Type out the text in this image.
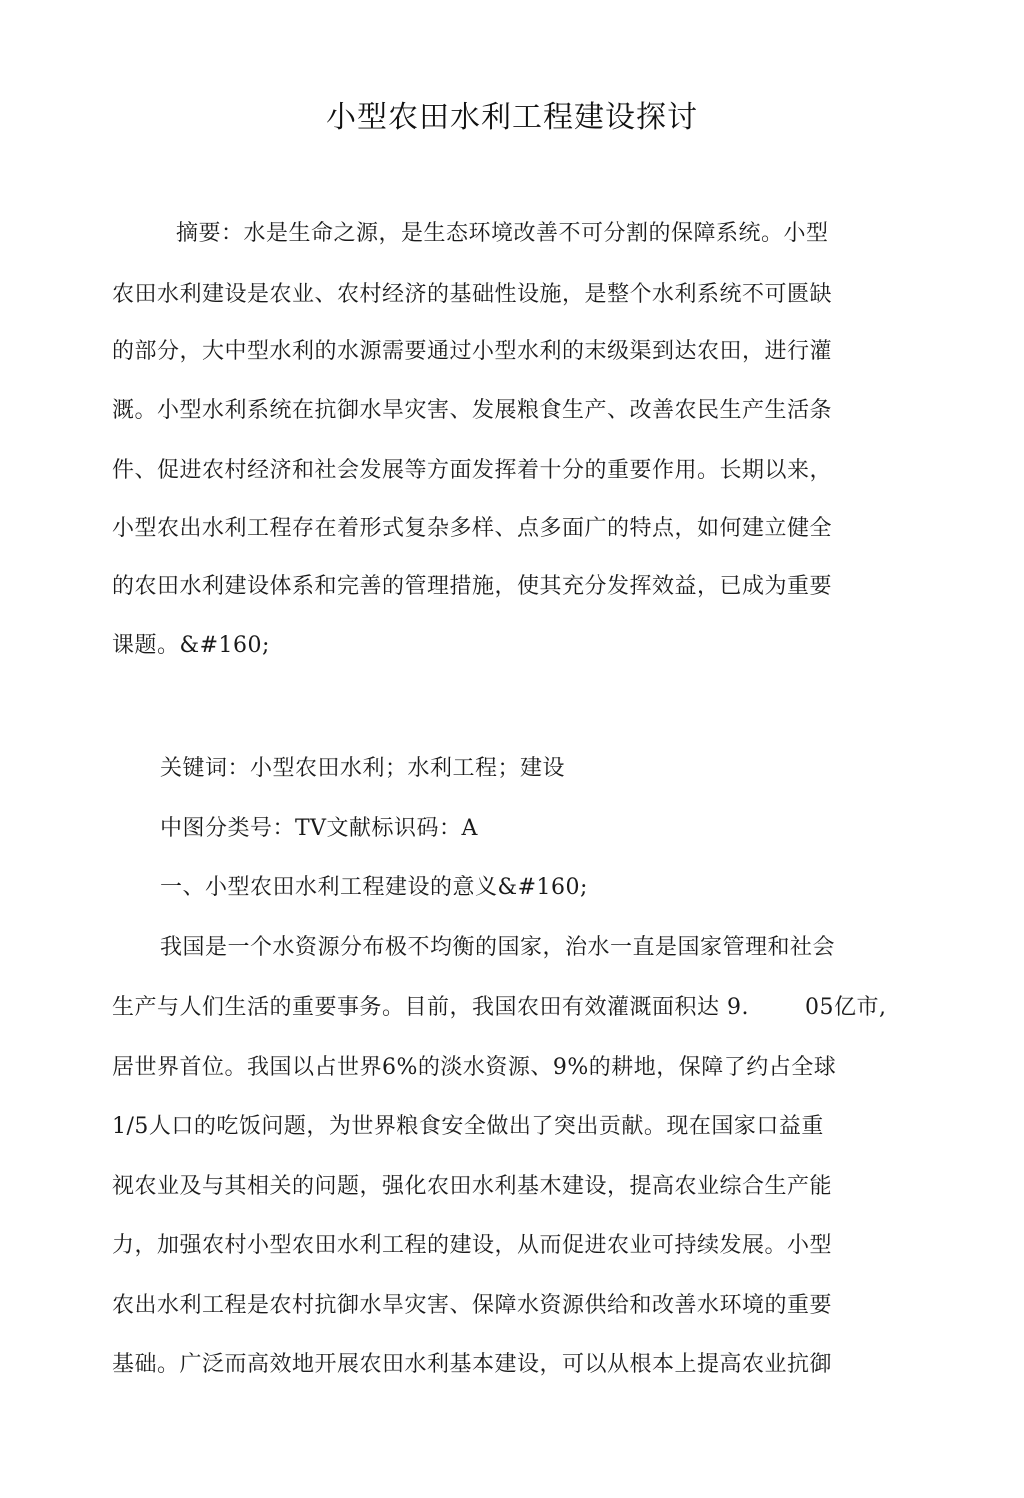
小型农田水利工程建设探讨
摘要：水是生命之源，是生态环境改善不可分割的保障系统。小型
农田水利建设是农业、农村经济的基础性设施，是整个水利系统不可匮缺
的部分，大中型水利的水源需要通过小型水利的末级渠到达农田，进行灌
溉。小型水利系统在抗御水旱灾害、发展粮食生产、改善农民生产生活条
件、促进农村经济和社会发展等方面发挥着十分的重要作用。长期以来，
小型农出水利工程存在着形式复杂多样、点多面广的特点，如何建立健全
的农田水利建设体系和完善的管理措施，使其充分发挥效益，已成为重要
课题。&#160;
关键词：小型农田水利；水利工程；建设
中图分类号：TV文献标识码：A
一、小型农田水利工程建设的意义&#160;
我国是一个水资源分布极不均衡的国家，治水一直是国家管理和社会
生产与人们生活的重要事务。目前，我国农田有效灌溉面积达 9.	05亿市,
居世界首位。我国以占世界6%的淡水资源、9%的耕地，保障了约占全球
1/5人口的吃饭问题，为世界粮食安全做出了突出贡献。现在国家口益重
视农业及与其相关的问题，强化农田水利基木建设，提高农业综合生产能
力，加强农村小型农田水利工程的建设，从而促进农业可持续发展。小型
农出水利工程是农村抗御水旱灾害、保障水资源供给和改善水环境的重要
基础。广泛而高效地开展农田水利基本建设，可以从根本上提高农业抗御
